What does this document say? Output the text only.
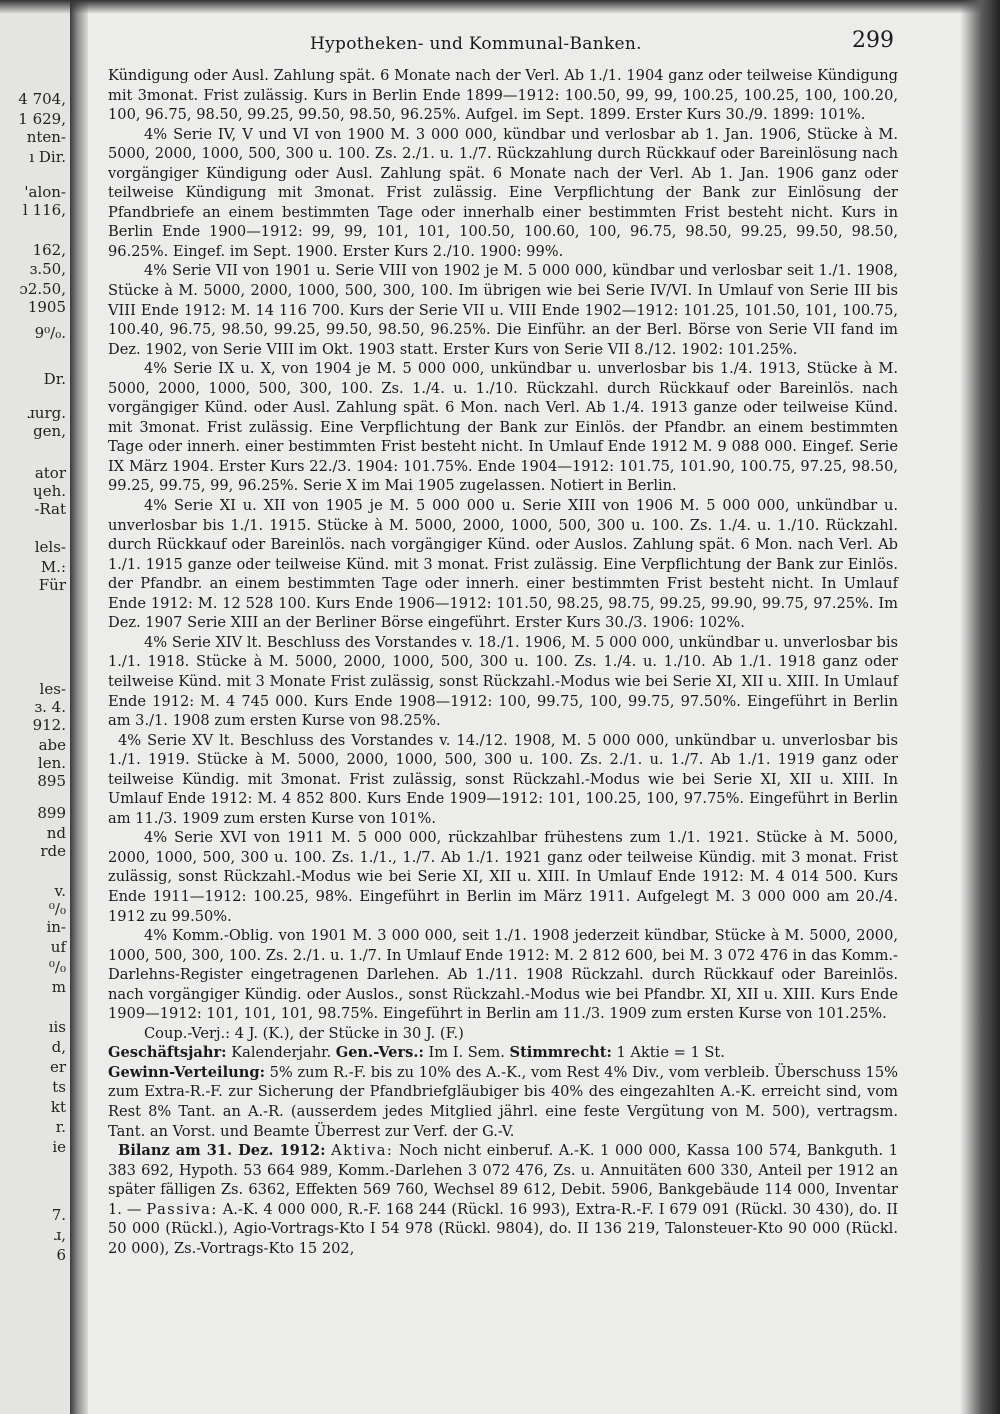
4 704,
1 629,
nten-
ı Dir.
'alon-
l 116,
162,
ɜ.50,
ɔ2.50,
1905
9⁰/₀.
Dr.
ɹurg.
gen,
ator
ɥeh.
-Rat
lels-
M.:
Für
les-
ɜ. 4.
912.
abe
len.
895
899
nd
rde
v.
⁰/₀
in-
uf
⁰/₀
m
ıis
d,
er
ts
kt
r.
ie
7.
ɹ,
6
Hypotheken- und Kommunal-Banken.	299

Kündigung oder Ausl. Zahlung spät. 6 Monate nach der Verl. Ab 1./1. 1904 ganz oder teilweise Kündigung mit 3monat. Frist zulässig. Kurs in Berlin Ende 1899—1912: 100.50, 99, 99, 100.25, 100.25, 100, 100.20, 100, 96.75, 98.50, 99.25, 99.50, 98.50, 96.25%. Aufgel. im Sept. 1899. Erster Kurs 30./9. 1899: 101%.

4% Serie IV, V und VI von 1900 M. 3 000 000, kündbar und verlosbar ab 1. Jan. 1906, Stücke à M. 5000, 2000, 1000, 500, 300 u. 100. Zs. 2./1. u. 1./7. Rückzahlung durch Rückkauf oder Bareinlösung nach vorgängiger Kündigung oder Ausl. Zahlung spät. 6 Monate nach der Verl. Ab 1. Jan. 1906 ganz oder teilweise Kündigung mit 3monat. Frist zulässig. Eine Verpflichtung der Bank zur Einlösung der Pfandbriefe an einem bestimmten Tage oder innerhalb einer bestimmten Frist besteht nicht. Kurs in Berlin Ende 1900—1912: 99, 99, 101, 101, 100.50, 100.60, 100, 96.75, 98.50, 99.25, 99.50, 98.50, 96.25%. Eingef. im Sept. 1900. Erster Kurs 2./10. 1900: 99%.

4% Serie VII von 1901 u. Serie VIII von 1902 je M. 5 000 000, kündbar und verlosbar seit 1./1. 1908, Stücke à M. 5000, 2000, 1000, 500, 300, 100. Im übrigen wie bei Serie IV/VI. In Umlauf von Serie III bis VIII Ende 1912: M. 14 116 700. Kurs der Serie VII u. VIII Ende 1902—1912: 101.25, 101.50, 101, 100.75, 100.40, 96.75, 98.50, 99.25, 99.50, 98.50, 96.25%. Die Einführ. an der Berl. Börse von Serie VII fand im Dez. 1902, von Serie VIII im Okt. 1903 statt. Erster Kurs von Serie VII 8./12. 1902: 101.25%.

4% Serie IX u. X, von 1904 je M. 5 000 000, unkündbar u. unverlosbar bis 1./4. 1913, Stücke à M. 5000, 2000, 1000, 500, 300, 100. Zs. 1./4. u. 1./10. Rückzahl. durch Rückkauf oder Bareinlös. nach vorgängiger Künd. oder Ausl. Zahlung spät. 6 Mon. nach Verl. Ab 1./4. 1913 ganze oder teilweise Künd. mit 3monat. Frist zulässig. Eine Verpflichtung der Bank zur Einlös. der Pfandbr. an einem bestimmten Tage oder innerh. einer bestimmten Frist besteht nicht. In Umlauf Ende 1912 M. 9 088 000. Eingef. Serie IX März 1904. Erster Kurs 22./3. 1904: 101.75%. Ende 1904—1912: 101.75, 101.90, 100.75, 97.25, 98.50, 99.25, 99.75, 99, 96.25%. Serie X im Mai 1905 zugelassen. Notiert in Berlin.

4% Serie XI u. XII von 1905 je M. 5 000 000 u. Serie XIII von 1906 M. 5 000 000, unkündbar u. unverlosbar bis 1./1. 1915. Stücke à M. 5000, 2000, 1000, 500, 300 u. 100. Zs. 1./4. u. 1./10. Rückzahl. durch Rückkauf oder Bareinlös. nach vorgängiger Künd. oder Auslos. Zahlung spät. 6 Mon. nach Verl. Ab 1./1. 1915 ganze oder teilweise Künd. mit 3 monat. Frist zulässig. Eine Verpflichtung der Bank zur Einlös. der Pfandbr. an einem bestimmten Tage oder innerh. einer bestimmten Frist besteht nicht. In Umlauf Ende 1912: M. 12 528 100. Kurs Ende 1906—1912: 101.50, 98.25, 98.75, 99.25, 99.90, 99.75, 97.25%. Im Dez. 1907 Serie XIII an der Berliner Börse eingeführt. Erster Kurs 30./3. 1906: 102%.

4% Serie XIV lt. Beschluss des Vorstandes v. 18./1. 1906, M. 5 000 000, unkündbar u. unverlosbar bis 1./1. 1918. Stücke à M. 5000, 2000, 1000, 500, 300 u. 100. Zs. 1./4. u. 1./10. Ab 1./1. 1918 ganz oder teilweise Künd. mit 3 Monate Frist zulässig, sonst Rückzahl.-Modus wie bei Serie XI, XII u. XIII. In Umlauf Ende 1912: M. 4 745 000. Kurs Ende 1908—1912: 100, 99.75, 100, 99.75, 97.50%. Eingeführt in Berlin am 3./1. 1908 zum ersten Kurse von 98.25%.

4% Serie XV lt. Beschluss des Vorstandes v. 14./12. 1908, M. 5 000 000, unkündbar u. unverlosbar bis 1./1. 1919. Stücke à M. 5000, 2000, 1000, 500, 300 u. 100. Zs. 2./1. u. 1./7. Ab 1./1. 1919 ganz oder teilweise Kündig. mit 3monat. Frist zulässig, sonst Rückzahl.-Modus wie bei Serie XI, XII u. XIII. In Umlauf Ende 1912: M. 4 852 800. Kurs Ende 1909—1912: 101, 100.25, 100, 97.75%. Eingeführt in Berlin am 11./3. 1909 zum ersten Kurse von 101%.

4% Serie XVI von 1911 M. 5 000 000, rückzahlbar frühestens zum 1./1. 1921. Stücke à M. 5000, 2000, 1000, 500, 300 u. 100. Zs. 1./1., 1./7. Ab 1./1. 1921 ganz oder teilweise Kündig. mit 3 monat. Frist zulässig, sonst Rückzahl.-Modus wie bei Serie XI, XII u. XIII. In Umlauf Ende 1912: M. 4 014 500. Kurs Ende 1911—1912: 100.25, 98%. Eingeführt in Berlin im März 1911. Aufgelegt M. 3 000 000 am 20./4. 1912 zu 99.50%.

4% Komm.-Oblig. von 1901 M. 3 000 000, seit 1./1. 1908 jederzeit kündbar, Stücke à M. 5000, 2000, 1000, 500, 300, 100. Zs. 2./1. u. 1./7. In Umlauf Ende 1912: M. 2 812 600, bei M. 3 072 476 in das Komm.-Darlehns-Register eingetragenen Darlehen. Ab 1./11. 1908 Rückzahl. durch Rückkauf oder Bareinlös. nach vorgängiger Kündig. oder Auslos., sonst Rückzahl.-Modus wie bei Pfandbr. XI, XII u. XIII. Kurs Ende 1909—1912: 101, 101, 101, 98.75%. Eingeführt in Berlin am 11./3. 1909 zum ersten Kurse von 101.25%.

Coup.-Verj.: 4 J. (K.), der Stücke in 30 J. (F.)

Geschäftsjahr: Kalenderjahr. Gen.-Vers.: Im I. Sem. Stimmrecht: 1 Aktie = 1 St.

Gewinn-Verteilung: 5% zum R.-F. bis zu 10% des A.-K., vom Rest 4% Div., vom verbleib. Überschuss 15% zum Extra-R.-F. zur Sicherung der Pfandbriefgläubiger bis 40% des eingezahlten A.-K. erreicht sind, vom Rest 8% Tant. an A.-R. (ausserdem jedes Mitglied jährl. eine feste Vergütung von M. 500), vertragsm. Tant. an Vorst. und Beamte Überrest zur Verf. der G.-V.

Bilanz am 31. Dez. 1912: Aktiva: Noch nicht einberuf. A.-K. 1 000 000, Kassa 100 574, Bankguth. 1 383 692, Hypoth. 53 664 989, Komm.-Darlehen 3 072 476, Zs. u. Annuitäten 600 330, Anteil per 1912 an später fälligen Zs. 6362, Effekten 569 760, Wechsel 89 612, Debit. 5906, Bankgebäude 114 000, Inventar 1. — Passiva: A.-K. 4 000 000, R.-F. 168 244 (Rückl. 16 993), Extra-R.-F. I 679 091 (Rückl. 30 430), do. II 50 000 (Rückl.), Agio-Vortrags-Kto I 54 978 (Rückl. 9804), do. II 136 219, Talonsteuer-Kto 90 000 (Rückl. 20 000), Zs.-Vortrags-Kto 15 202,
